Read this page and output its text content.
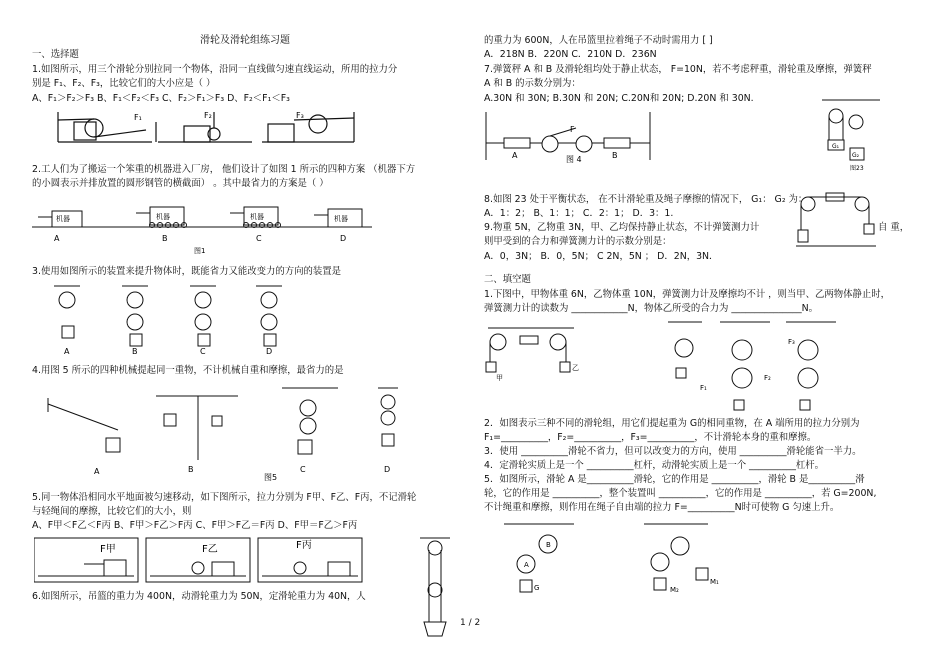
滑轮及滑轮组练习题
一、选择题
1.如图所示，用三个滑轮分别拉同一个物体，沿同一直线做匀速直线运动，所用的拉力分
别是 F₁、F₂、F₃，比较它们的大小应是（ ）
A、F₁＞F₂＞F₃ B、F₁＜F₂＜F₃ C、F₂＞F₁＞F₃ D、F₂＜F₁＜F₃
F₁	F₂	F₃
2.工人们为了搬运一个笨重的机器进入厂房， 他们设计了如图 1 所示的四种方案 （机器下方
的小圆表示并排放置的圆形钢管的横截面） 。其中最省力的方案是（ ）
机器	机器	机器	机器
A	B	C	D
图1
3.使用如图所示的装置来提升物体时，既能省力又能改变力的方向的装置是
A	B	C	D
4.用图 5 所示的四种机械提起同一重物，不计机械自重和摩擦，最省力的是
A	B	C	D
图5
5.同一物体沿相同水平地面被匀速移动，如下图所示，拉力分别为 F甲、F乙、F丙，不记滑轮
与轻绳间的摩擦，比较它们的大小，则
A、F甲＜F乙＜F丙 B、F甲＞F乙＞F丙 C、F甲＞F乙＝F丙 D、F甲＝F乙＞F丙
F甲	F乙	F丙
6.如图所示，吊篮的重力为 400N，动滑轮重力为 50N，定滑轮重力为 40N，人
1 / 2
的重力为 600N，人在吊篮里拉着绳子不动时需用力 [ ]
A．218N B．220N C．210N D．236N
7.弹簧秤 A 和 B 及滑轮组均处于静止状态， F=10N，若不考虑秤重，滑轮重及摩擦，弹簧秤
A 和 B 的示数分别为：
A.30N 和 30N; B.30N 和 20N; C.20N和 20N; D.20N 和 30N.
F
A	B
图 4
G₁
G₂
图23
8.如图 23 处于平衡状态， 在不计滑轮重及绳子摩擦的情况下， G₁： G₂ 为：
A．1：2； B、1：1； C．2：1； D．3：1.
9.物重 5N，乙物重 3N，甲、乙均保持静止状态，不计弹簧测力计
则甲受到的合力和弹簧测力计的示数分别是：
A．0，3N； B．0，5N； C 2N，5N ； D．2N，3N．
自 重，
二、填空题
1.下图中，甲物体重 6N，乙物体重 10N，弹簧测力计及摩擦均不计 ，则当甲、乙两物体静止时，
弹簧测力计的读数为 ____________N，物体乙所受的合力为 _______________N。
甲
乙
F₁
F₂
F₃
2．如图表示三种不同的滑轮组，用它们提起重为 G的相同重物，在 A 端所用的拉力分别为
F₁=__________，F₂=__________，F₃=__________，不计滑轮本身的重和摩擦。
3．使用 __________滑轮不省力，但可以改变力的方向，使用 __________滑轮能省一半力。
4．定滑轮实质上是一个 __________杠杆，动滑轮实质上是一个 __________杠杆。
5．如图所示，滑轮 A 是__________滑轮，它的作用是 __________，滑轮 B 是__________滑
轮，它的作用是 __________，整个装置叫 __________，它的作用是 __________，若 G=200N,
不计绳重和摩擦，则作用在绳子自由端的拉力 F=__________N时可使物 G 匀速上升。
B
A
G	M₂
M₁
